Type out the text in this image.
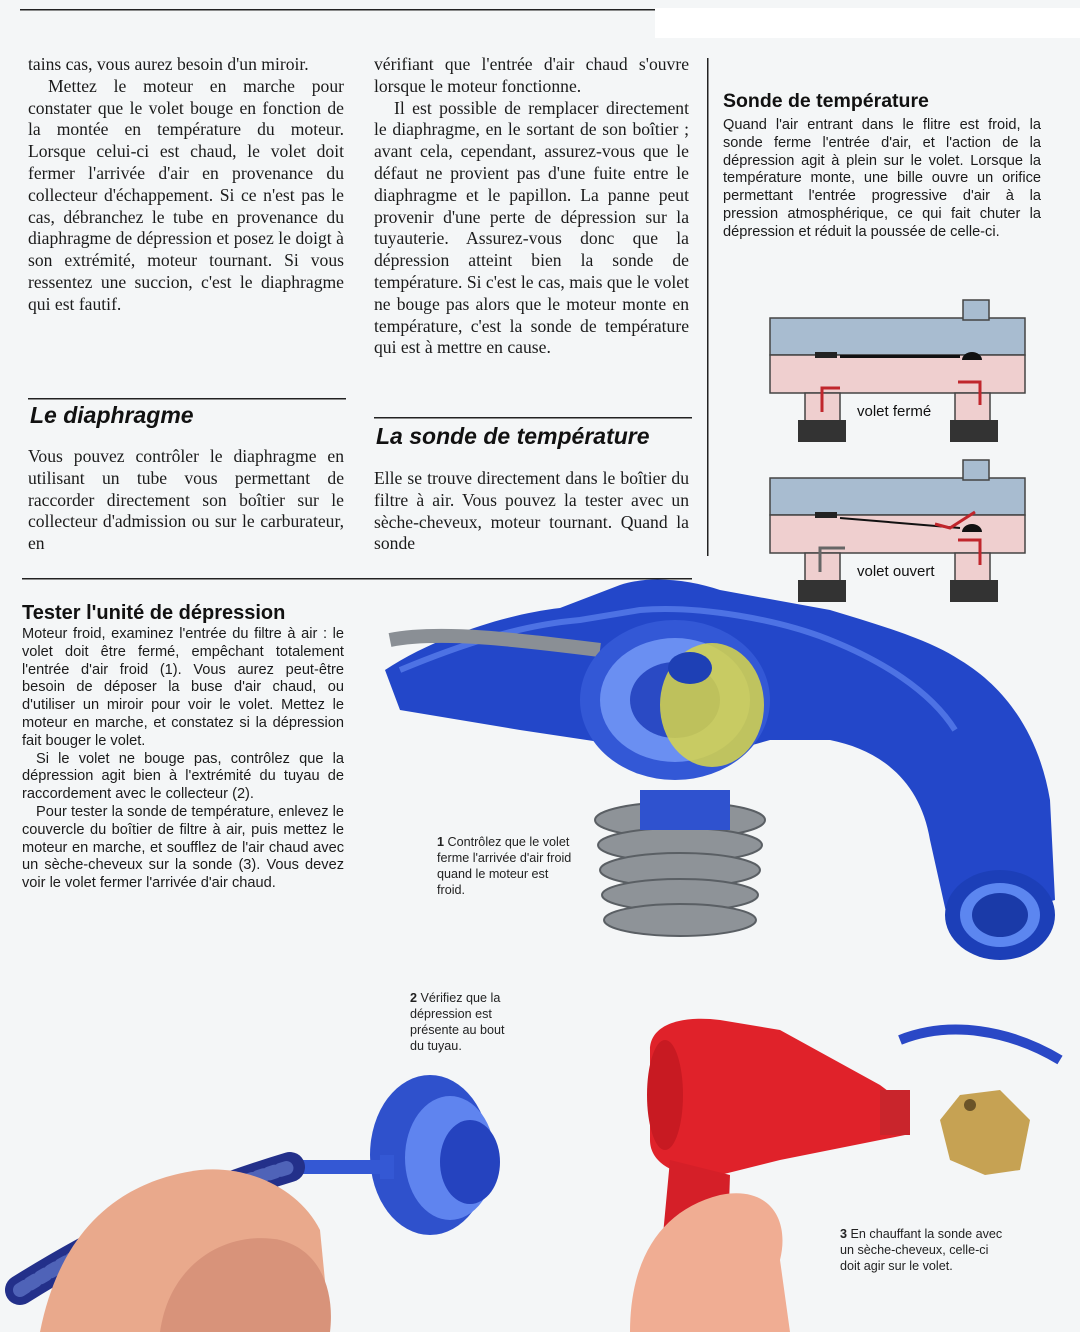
tains cas, vous aurez besoin d'un miroir.

Mettez le moteur en marche pour constater que le volet bouge en fonction de la montée en température du moteur. Lorsque celui-ci est chaud, le volet doit fermer l'arrivée d'air en provenance du collecteur d'échappement. Si ce n'est pas le cas, débranchez le tube en provenance du diaphragme de dépression et posez le doigt à son extrémité, moteur tournant. Si vous ressentez une succion, c'est le diaphragme qui est fautif.

Le diaphragme

Vous pouvez contrôler le diaphragme en utilisant un tube vous permettant de raccorder directement son boîtier sur le collecteur d'admission ou sur le carburateur, en

vérifiant que l'entrée d'air chaud s'ouvre lorsque le moteur fonctionne.

Il est possible de remplacer directement le diaphragme, en le sortant de son boîtier ; avant cela, cependant, assurez-vous que le défaut ne provient pas d'une fuite entre le diaphragme et le papillon. La panne peut provenir d'une perte de dépression sur la tuyauterie. Assurez-vous donc que la dépression atteint bien la sonde de température. Si c'est le cas, mais que le volet ne bouge pas alors que le moteur monte en température, c'est la sonde de température qui est à mettre en cause.

La sonde de température

Elle se trouve directement dans le boîtier du filtre à air. Vous pouvez la tester avec un sèche-cheveux, moteur tournant. Quand la sonde

Sonde de température

Quand l'air entrant dans le flitre est froid, la sonde ferme l'entrée d'air, et l'action de la dépression agit à plein sur le volet. Lorsque la température monte, une bille ouvre un orifice permettant l'entrée progressive d'air à la pression atmosphérique, ce qui fait chuter la dépression et réduit la poussée de celle-ci.

volet fermé
volet ouvert
Tester l'unité de dépression

Moteur froid, examinez l'entrée du filtre à air : le volet doit être fermé, empêchant totalement l'entrée d'air froid (1). Vous aurez peut-être besoin de déposer la buse d'air chaud, ou d'utiliser un miroir pour voir le volet. Mettez le moteur en marche, et constatez si la dépression fait bouger le volet.

Si le volet ne bouge pas, contrôlez que la dépression agit bien à l'extrémité du tuyau de raccordement avec le collecteur (2).

Pour tester la sonde de température, enlevez le couvercle du boîtier de filtre à air, puis mettez le moteur en marche, et soufflez de l'air chaud avec un sèche-cheveux sur la sonde (3). Vous devez voir le volet fermer l'arrivée d'air chaud.

1 Contrôlez que le volet ferme l'arrivée d'air froid quand le moteur est froid.
2 Vérifiez que la dépression est présente au bout du tuyau.
3 En chauffant la sonde avec un sèche-cheveux, celle-ci doit agir sur le volet.
